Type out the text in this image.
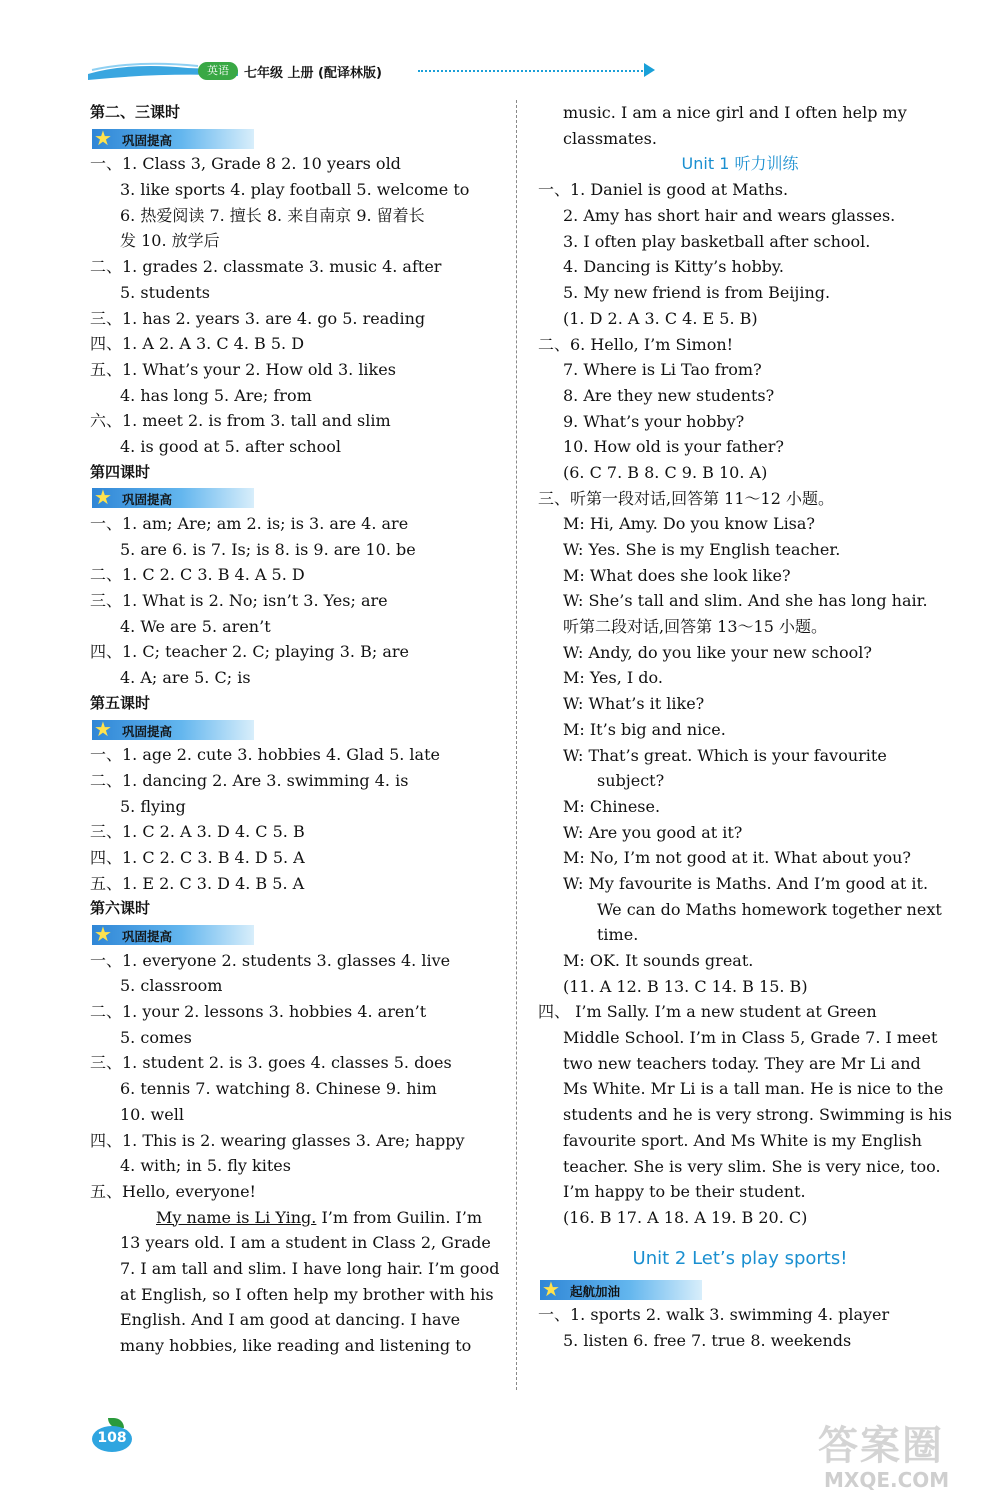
英语	七年级 上册 (配译林版)
第二、三课时
★ 巩固提高
一、1. Class 3, Grade 8 2. 10 years old
3. like sports 4. play football 5. welcome to
6. 热爱阅读 7. 擅长 8. 来自南京 9. 留着长
发 10. 放学后
二、1. grades 2. classmate 3. music 4. after
5. students
三、1. has 2. years 3. are 4. go 5. reading
四、1. A 2. A 3. C 4. B 5. D
五、1. What’s your 2. How old 3. likes
4. has long 5. Are; from
六、1. meet 2. is from 3. tall and slim
4. is good at 5. after school
第四课时
★ 巩固提高
一、1. am; Are; am 2. is; is 3. are 4. are
5. are 6. is 7. Is; is 8. is 9. are 10. be
二、1. C 2. C 3. B 4. A 5. D
三、1. What is 2. No; isn’t 3. Yes; are
4. We are 5. aren’t
四、1. C; teacher 2. C; playing 3. B; are
4. A; are 5. C; is
第五课时
★ 巩固提高
一、1. age 2. cute 3. hobbies 4. Glad 5. late
二、1. dancing 2. Are 3. swimming 4. is
5. flying
三、1. C 2. A 3. D 4. C 5. B
四、1. C 2. C 3. B 4. D 5. A
五、1. E 2. C 3. D 4. B 5. A
第六课时
★ 巩固提高
一、1. everyone 2. students 3. glasses 4. live
5. classroom
二、1. your 2. lessons 3. hobbies 4. aren’t
5. comes
三、1. student 2. is 3. goes 4. classes 5. does
6. tennis 7. watching 8. Chinese 9. him
10. well
四、1. This is 2. wearing glasses 3. Are; happy
4. with; in 5. fly kites
五、Hello, everyone!
My name is Li Ying. I’m from Guilin. I’m
13 years old. I am a student in Class 2, Grade
7. I am tall and slim. I have long hair. I’m good
at English, so I often help my brother with his
English. And I am good at dancing. I have
many hobbies, like reading and listening to
music. I am a nice girl and I often help my
classmates.
Unit 1 听力训练
一、1. Daniel is good at Maths.
2. Amy has short hair and wears glasses.
3. I often play basketball after school.
4. Dancing is Kitty’s hobby.
5. My new friend is from Beijing.
(1. D 2. A 3. C 4. E 5. B)
二、6. Hello, I’m Simon!
7. Where is Li Tao from?
8. Are they new students?
9. What’s your hobby?
10. How old is your father?
(6. C 7. B 8. C 9. B 10. A)
三、听第一段对话,回答第 11～12 小题。
M: Hi, Amy. Do you know Lisa?
W: Yes. She is my English teacher.
M: What does she look like?
W: She’s tall and slim. And she has long hair.
听第二段对话,回答第 13～15 小题。
W: Andy, do you like your new school?
M: Yes, I do.
W: What’s it like?
M: It’s big and nice.
W: That’s great. Which is your favourite
subject?
M: Chinese.
W: Are you good at it?
M: No, I’m not good at it. What about you?
W: My favourite is Maths. And I’m good at it.
We can do Maths homework together next
time.
M: OK. It sounds great.
(11. A 12. B 13. C 14. B 15. B)
四、 I’m Sally. I’m a new student at Green
Middle School. I’m in Class 5, Grade 7. I meet
two new teachers today. They are Mr Li and
Ms White. Mr Li is a tall man. He is nice to the
students and he is very strong. Swimming is his
favourite sport. And Ms White is my English
teacher. She is very slim. She is very nice, too.
I’m happy to be their student.
(16. B 17. A 18. A 19. B 20. C)
Unit 2 Let’s play sports!
★ 起航加油
一、1. sports 2. walk 3. swimming 4. player
5. listen 6. free 7. true 8. weekends
108	答案圈
MXQE.COM
